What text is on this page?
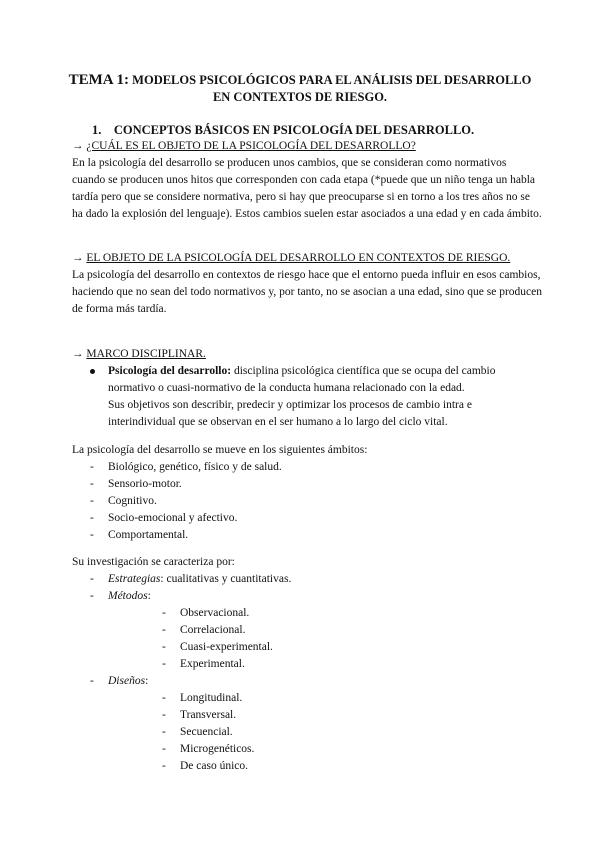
TEMA 1: MODELOS PSICOLÓGICOS PARA EL ANÁLISIS DEL DESARROLLO EN CONTEXTOS DE RIESGO.
1. CONCEPTOS BÁSICOS EN PSICOLOGÍA DEL DESARROLLO.

→ ¿CUÁL ES EL OBJETO DE LA PSICOLOGÍA DEL DESARROLLO?

En la psicología del desarrollo se producen unos cambios, que se consideran como normativos cuando se producen unos hitos que corresponden con cada etapa (*puede que un niño tenga un habla tardía pero que se considere normativa, pero si hay que preocuparse si en torno a los tres años no se ha dado la explosión del lenguaje). Estos cambios suelen estar asociados a una edad y en cada ámbito.

→ EL OBJETO DE LA PSICOLOGÍA DEL DESARROLLO EN CONTEXTOS DE RIESGO.

La psicología del desarrollo en contextos de riesgo hace que el entorno pueda influir en esos cambios, haciendo que no sean del todo normativos y, por tanto, no se asocian a una edad, sino que se producen de forma más tardía.

→ MARCO DISCIPLINAR.

Psicología del desarrollo: disciplina psicológica científica que se ocupa del cambio normativo o cuasi-normativo de la conducta humana relacionado con la edad.
Sus objetivos son describir, predecir y optimizar los procesos de cambio intra e interindividual que se observan en el ser humano a lo largo del ciclo vital.

La psicología del desarrollo se mueve en los siguientes ámbitos:

- Biológico, genético, físico y de salud.
- Sensorio-motor.
- Cognitivo.
- Socio-emocional y afectivo.
- Comportamental.

Su investigación se caracteriza por:

- Estrategias: cualitativas y cuantitativas.
- Métodos:
- Observacional.
- Correlacional.
- Cuasi-experimental.
- Experimental.
- Diseños:
- Longitudinal.
- Transversal.
- Secuencial.
- Microgenéticos.
- De caso único.
